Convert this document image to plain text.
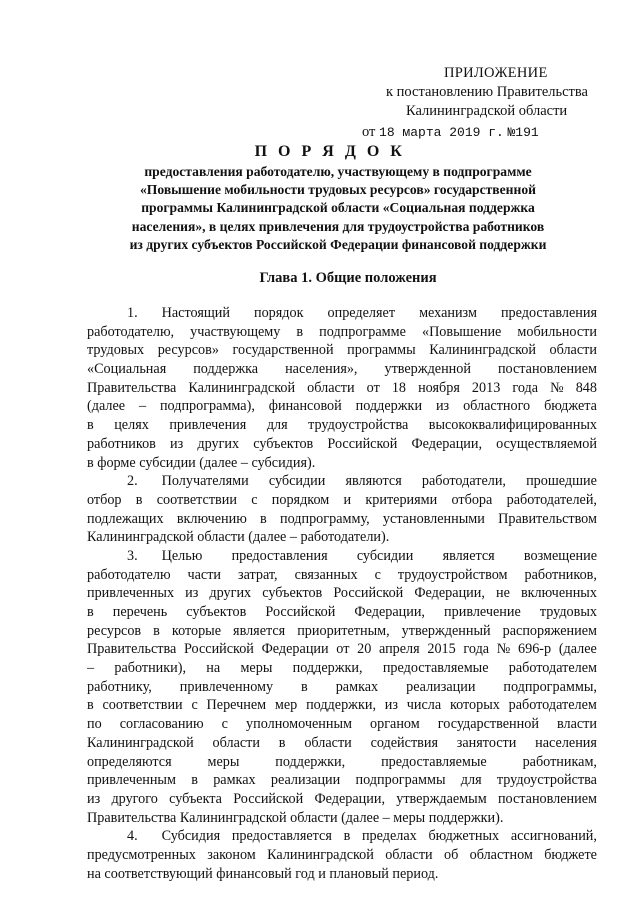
ПРИЛОЖЕНИЕ
к постановлению Правительства
Калининградской области
от 18 марта 2019 г. №191
П О Р Я Д О К
предоставления работодателю, участвующему в подпрограмме
«Повышение мобильности трудовых ресурсов» государственной
программы Калининградской области «Социальная поддержка
населения», в целях привлечения для трудоустройства работников
из других субъектов Российской Федерации финансовой поддержки
Глава 1. Общие положения
1. Настоящий порядок определяет механизм предоставления
работодателю, участвующему в подпрограмме «Повышение мобильности
трудовых ресурсов» государственной программы Калининградской области
«Социальная поддержка населения», утвержденной постановлением
Правительства Калининградской области от 18 ноября 2013 года № 848
(далее – подпрограмма), финансовой поддержки из областного бюджета
в целях привлечения для трудоустройства высококвалифицированных
работников из других субъектов Российской Федерации, осуществляемой
в форме субсидии (далее – субсидия).
2. Получателями субсидии являются работодатели, прошедшие
отбор в соответствии с порядком и критериями отбора работодателей,
подлежащих включению в подпрограмму, установленными Правительством
Калининградской области (далее – работодатели).
3. Целью предоставления субсидии является возмещение
работодателю части затрат, связанных с трудоустройством работников,
привлеченных из других субъектов Российской Федерации, не включенных
в перечень субъектов Российской Федерации, привлечение трудовых
ресурсов в которые является приоритетным, утвержденный распоряжением
Правительства Российской Федерации от 20 апреля 2015 года № 696-р (далее
– работники), на меры поддержки, предоставляемые работодателем
работнику, привлеченному в рамках реализации подпрограммы,
в соответствии с Перечнем мер поддержки, из числа которых работодателем
по согласованию с уполномоченным органом государственной власти
Калининградской области в области содействия занятости населения
определяются	меры	поддержки,	предоставляемые	работникам,
привлеченным в рамках реализации подпрограммы для трудоустройства
из другого субъекта Российской Федерации, утверждаемым постановлением
Правительства Калининградской области (далее – меры поддержки).
4. Субсидия предоставляется в пределах бюджетных ассигнований,
предусмотренных законом Калининградской области об областном бюджете
на соответствующий финансовый год и плановый период.
